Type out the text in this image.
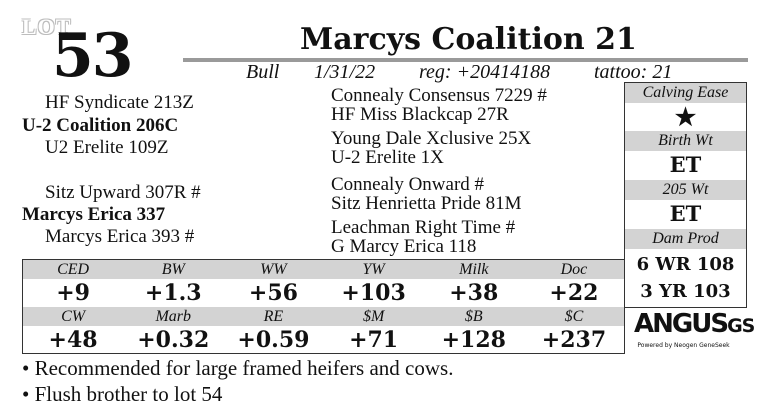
LOT
53	Marcys Coalition 21
Bull 1/31/22 reg: +20414188 tattoo: 21
HF Syndicate 213Z
U-2 Coalition 206C
U2 Erelite 109Z
Sitz Upward 307R #
Marcys Erica 337
Marcys Erica 393 #
Connealy Consensus 7229 #
HF Miss Blackcap 27R
Young Dale Xclusive 25X
U-2 Erelite 1X
Connealy Onward #
Sitz Henrietta Pride 81M
Leachman Right Time #
G Marcy Erica 118
Calving Ease
★
Birth Wt
ET
205 Wt
ET
Dam Prod
6 WR 108
3 YR 103
CED	BW	WW	YW	Milk	Doc
+9	+1.3	+56	+103	+38	+22
CW	Marb	RE	$M	$B	$C
+48	+0.32	+0.59	+71	+128	+237
ANGUSGS
Powered by Neogen GeneSeek
• Recommended for large framed heifers and cows.
• Flush brother to lot 54
